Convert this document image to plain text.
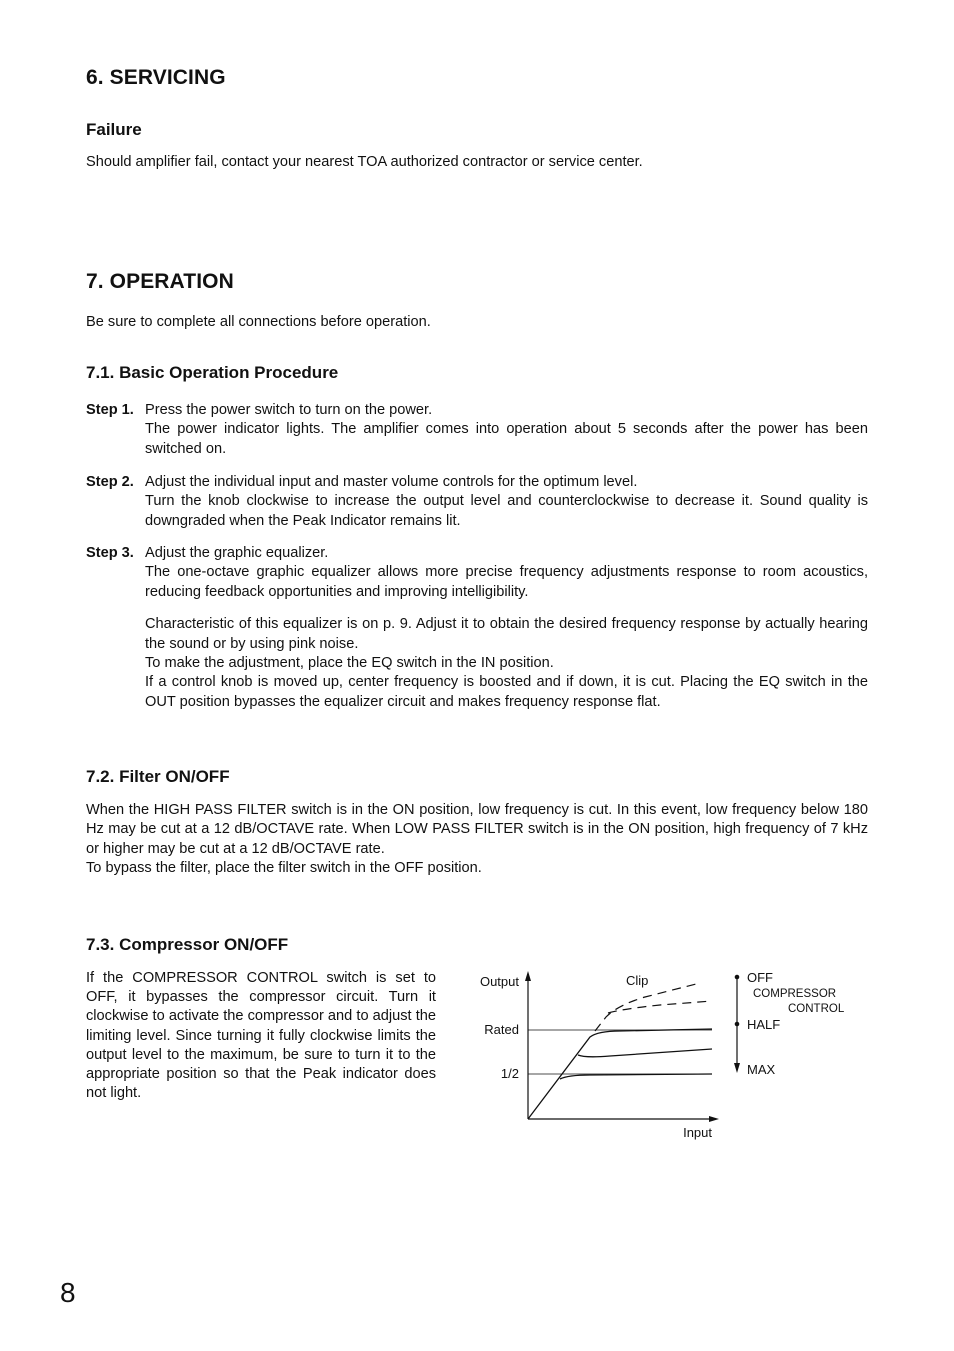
6. SERVICING
Failure

Should amplifier fail, contact your nearest TOA authorized contractor or service center.

7. OPERATION

Be sure to complete all connections before operation.

7.1. Basic Operation Procedure
Step 1. Press the power switch to turn on the power.
The power indicator lights. The amplifier comes into operation about 5 seconds after the power has been switched on.
Step 2. Adjust the individual input and master volume controls for the optimum level.
Turn the knob clockwise to increase the output level and counterclockwise to decrease it. Sound quality is downgraded when the Peak Indicator remains lit.
Step 3. Adjust the graphic equalizer.
The one-octave graphic equalizer allows more precise frequency adjustments response to room acoustics, reducing feedback opportunities and improving intelligibility.
Characteristic of this equalizer is on p. 9. Adjust it to obtain the desired frequency response by actually hearing the sound or by using pink noise.
To make the adjustment, place the EQ switch in the IN position.
If a control knob is moved up, center frequency is boosted and if down, it is cut. Placing the EQ switch in the OUT position bypasses the equalizer circuit and makes frequency response flat.
7.2. Filter ON/OFF
When the HIGH PASS FILTER switch is in the ON position, low frequency is cut. In this event, low frequency below 180 Hz may be cut at a 12 dB/OCTAVE rate. When LOW PASS FILTER switch is in the ON position, high frequency of 7 kHz or higher may be cut at a 12 dB/OCTAVE rate.
To bypass the filter, place the filter switch in the OFF position.
7.3. Compressor ON/OFF
If the COMPRESSOR CONTROL switch is set to OFF, it bypasses the compressor circuit. Turn it clockwise to activate the compressor and to adjust the limiting level. Since turning it fully clockwise limits the output level to the maximum, be sure to turn it to the appropriate position so that the Peak indicator does not light.
Output
Rated
1/2
Clip
Input
OFF
COMPRESSOR
CONTROL
HALF
MAX
8
